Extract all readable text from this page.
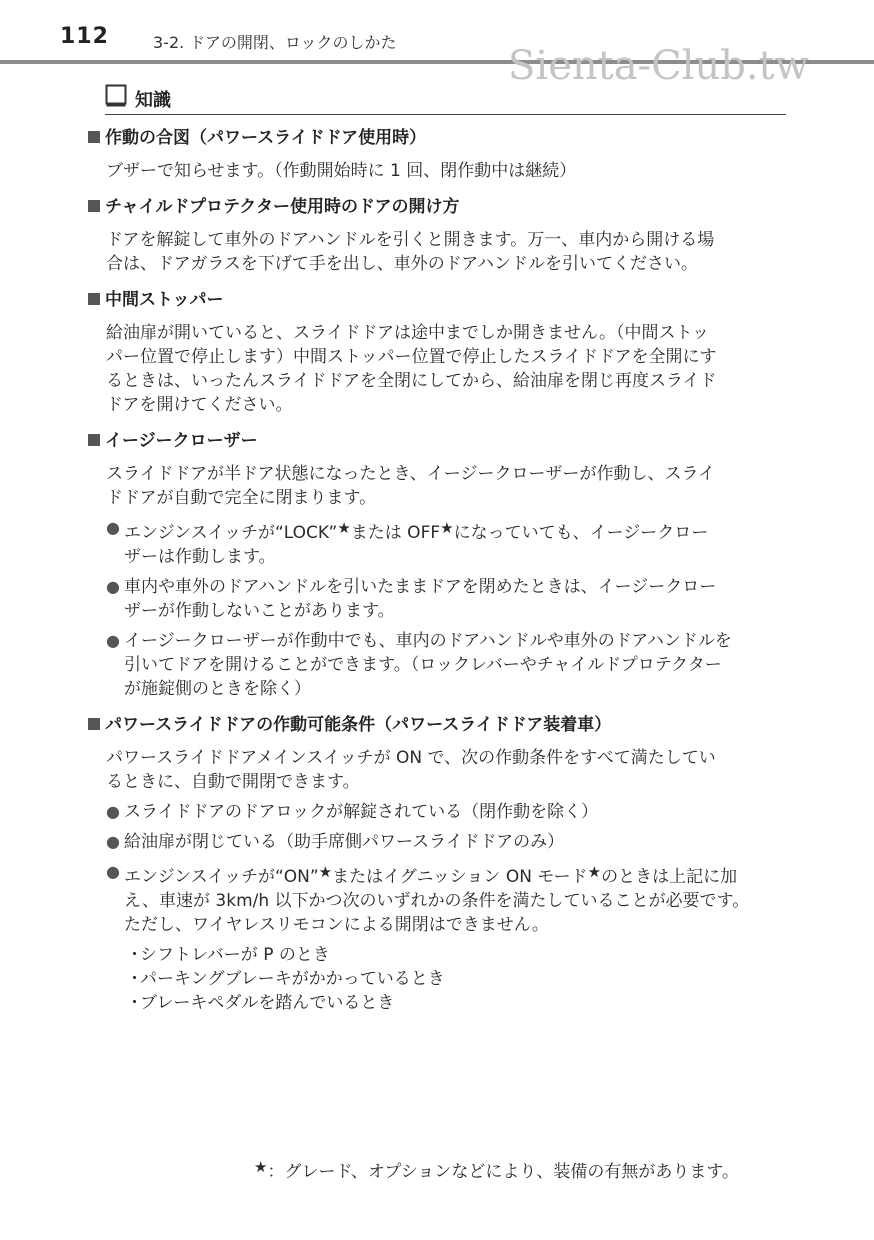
112	3-2. ドアの開閉、ロックのしかた
Sienta-Club.tw
知識
作動の合図（パワースライドドア使用時）

ブザーで知らせます。（作動開始時に 1 回、閉作動中は継続）

チャイルドプロテクター使用時のドアの開け方

ドアを解錠して車外のドアハンドルを引くと開きます。万一、車内から開ける場

合は、ドアガラスを下げて手を出し、車外のドアハンドルを引いてください。

中間ストッパー

給油扉が開いていると、スライドドアは途中までしか開きません。（中間ストッ

パー位置で停止します）中間ストッパー位置で停止したスライドドアを全開にす

るときは、いったんスライドドアを全閉にしてから、給油扉を閉じ再度スライド

ドアを開けてください。

イージークローザー

スライドドアが半ドア状態になったとき、イージークローザーが作動し、スライ

ドドアが自動で完全に閉まります。

● エンジンスイッチが“LOCK”★または OFF★になっていても、イージークロー
ザーは作動します。
● 車内や車外のドアハンドルを引いたままドアを閉めたときは、イージークロー
ザーが作動しないことがあります。
● イージークローザーが作動中でも、車内のドアハンドルや車外のドアハンドルを
引いてドアを開けることができます。（ロックレバーやチャイルドプロテクター
が施錠側のときを除く）
パワースライドドアの作動可能条件（パワースライドドア装着車）

パワースライドドアメインスイッチが ON で、次の作動条件をすべて満たしてい

るときに、自動で開閉できます。

● スライドドアのドアロックが解錠されている（閉作動を除く）
● 給油扉が閉じている（助手席側パワースライドドアのみ）
● エンジンスイッチが“ON”★またはイグニッション ON モード★のときは上記に加
え、車速が 3km/h 以下かつ次のいずれかの条件を満たしていることが必要です。
ただし、ワイヤレスリモコンによる開閉はできません。
・
シフトレバーが P のとき
・
パーキングブレーキがかかっているとき
・
ブレーキペダルを踏んでいるとき
★：グレード、オプションなどにより、装備の有無があります。
